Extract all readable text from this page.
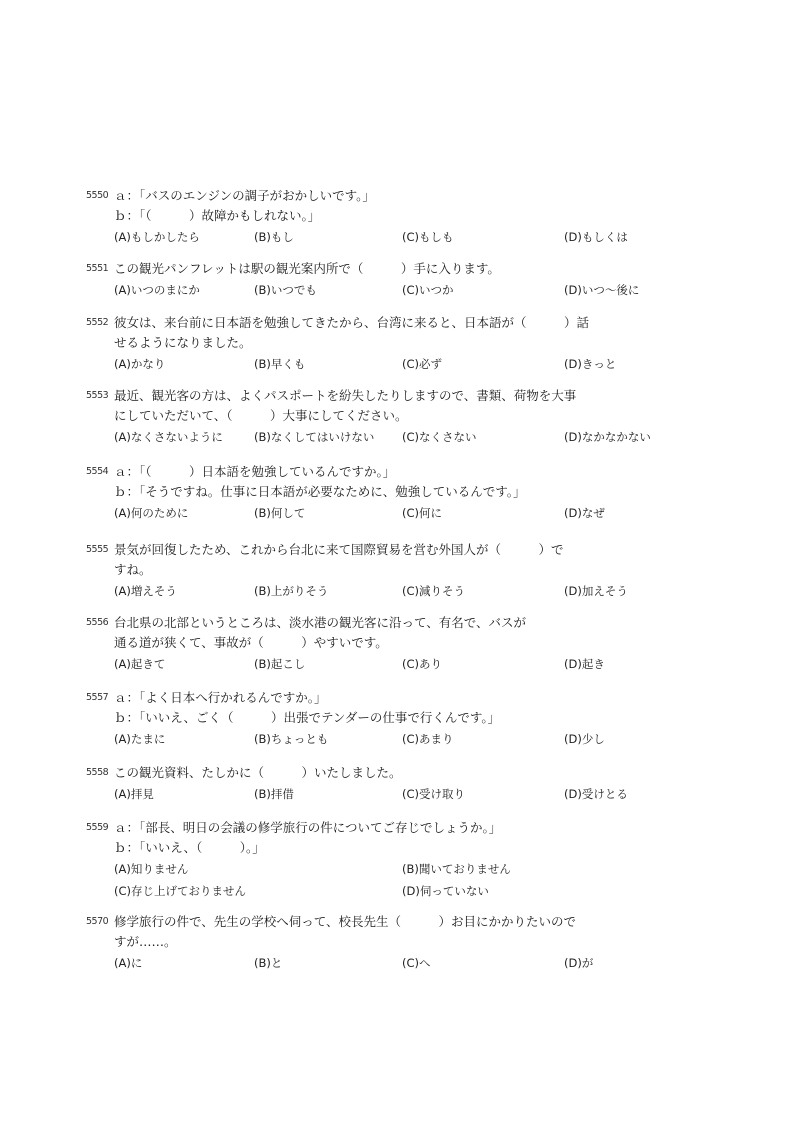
5550 ａ：「バスのエンジンの調子がおかしいです。」
ｂ：「（　　　）故障かもしれない。」
(A)もしかしたら	(B)もし	(C)もしも	(D)もしくは
5551 この観光パンフレットは駅の観光案内所で（　　　）手に入ります。
(A)いつのまにか	(B)いつでも	(C)いつか	(D)いつ～後に
5552 彼女は、来台前に日本語を勉強してきたから、台湾に来ると、日本語が（　　　）話
せるようになりました。
(A)かなり	(B)早くも	(C)必ず	(D)きっと
5553 最近、観光客の方は、よくパスポートを紛失したりしますので、書類、荷物を大事
にしていただいて、（　　　）大事にしてください。
(A)なくさないように	(B)なくしてはいけない (C)なくさない	(D)なかなかない
5554 ａ：「（　　　）日本語を勉強しているんですか。」
ｂ：「そうですね。仕事に日本語が必要なために、勉強しているんです。」
(A)何のために	(B)何して	(C)何に	(D)なぜ
5555 景気が回復したため、これから台北に来て国際貿易を営む外国人が（　　　）で
すね。
(A)増えそう	(B)上がりそう	(C)減りそう	(D)加えそう
5556 台北県の北部というところは、淡水港の観光客に沿って、有名で、バスが
通る道が狭くて、事故が（　　　）やすいです。
(A)起きて	(B)起こし	(C)あり	(D)起き
5557 ａ：「よく日本へ行かれるんですか。」
ｂ：「いいえ、ごく（　　　）出張でテンダーの仕事で行くんです。」
(A)たまに	(B)ちょっとも	(C)あまり	(D)少し
5558 この観光資料、たしかに（　　　）いたしました。
(A)拝見	(B)拝借	(C)受け取り	(D)受けとる
5559 ａ：「部長、明日の会議の修学旅行の件についてご存じでしょうか。」
ｂ：「いいえ、（　　　）。」
(A)知りません	(B)聞いておりません
(C)存じ上げておりません	(D)伺っていない
5570 修学旅行の件で、先生の学校へ伺って、校長先生（　　　）お目にかかりたいので
すが……。
(A)に	(B)と	(C)へ	(D)が
